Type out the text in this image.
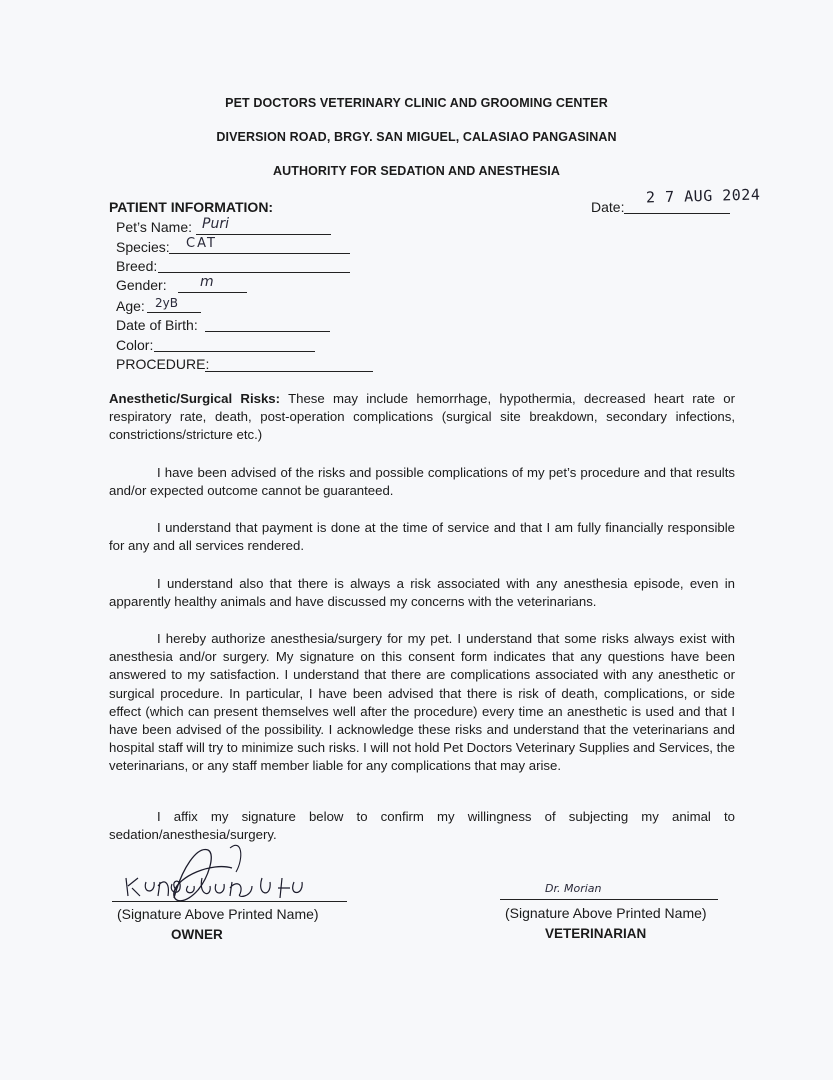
PET DOCTORS VETERINARY CLINIC AND GROOMING CENTER
DIVERSION ROAD, BRGY. SAN MIGUEL, CALASIAO PANGASINAN
AUTHORITY FOR SEDATION AND ANESTHESIA
PATIENT INFORMATION:	Date:
2 7 AUG 2024
Pet’s Name: Puri
Species: CAT
Breed:
Gender: m
Age: 2yB
Date of Birth:
Color:
PROCEDURE:
Anesthetic/Surgical Risks: These may include hemorrhage, hypothermia, decreased heart rate or respiratory rate, death, post-operation complications (surgical site breakdown, secondary infections, constrictions/stricture etc.)
I have been advised of the risks and possible complications of my pet’s procedure and that results and/or expected outcome cannot be guaranteed.
I understand that payment is done at the time of service and that I am fully financially responsible for any and all services rendered.
I understand also that there is always a risk associated with any anesthesia episode, even in apparently healthy animals and have discussed my concerns with the veterinarians.
I hereby authorize anesthesia/surgery for my pet. I understand that some risks always exist with anesthesia and/or surgery. My signature on this consent form indicates that any questions have been answered to my satisfaction. I understand that there are complications associated with any anesthetic or surgical procedure. In particular, I have been advised that there is risk of death, complications, or side effect (which can present themselves well after the procedure) every time an anesthetic is used and that I have been advised of the possibility. I acknowledge these risks and understand that the veterinarians and hospital staff will try to minimize such risks. I will not hold Pet Doctors Veterinary Supplies and Services, the veterinarians, or any staff member liable for any complications that may arise.
I affix my signature below to confirm my willingness of subjecting my animal to sedation/anesthesia/surgery.
(Signature Above Printed Name)
OWNER
Dr. Morian
(Signature Above Printed Name)
VETERINARIAN
